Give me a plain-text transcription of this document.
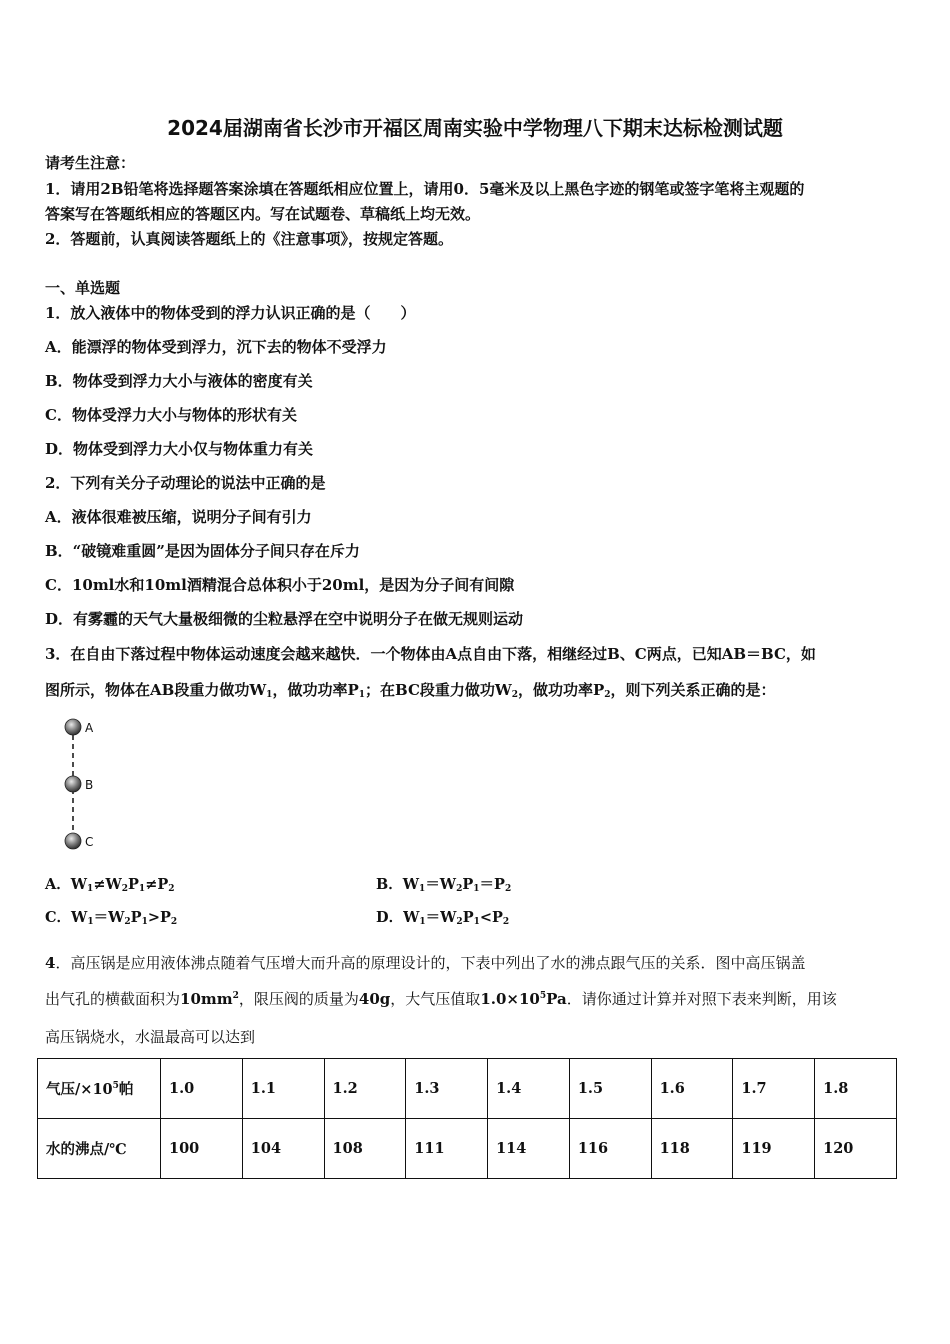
2024届湖南省长沙市开福区周南实验中学物理八下期末达标检测试题
请考生注意：
1．请用2B铅笔将选择题答案涂填在答题纸相应位置上，请用0．5毫米及以上黑色字迹的钢笔或签字笔将主观题的
答案写在答题纸相应的答题区内。写在试题卷、草稿纸上均无效。
2．答题前，认真阅读答题纸上的《注意事项》，按规定答题。
一、单选题
1．放入液体中的物体受到的浮力认识正确的是（　　）
A．能漂浮的物体受到浮力，沉下去的物体不受浮力
B．物体受到浮力大小与液体的密度有关
C．物体受浮力大小与物体的形状有关
D．物体受到浮力大小仅与物体重力有关
2．下列有关分子动理论的说法中正确的是
A．液体很难被压缩，说明分子间有引力
B．“破镜难重圆”是因为固体分子间只存在斥力
C．10ml水和10ml酒精混合总体积小于20ml，是因为分子间有间隙
D．有雾霾的天气大量极细微的尘粒悬浮在空中说明分子在做无规则运动
3．在自由下落过程中物体运动速度会越来越快．一个物体由A点自由下落，相继经过B、C两点，已知AB＝BC，如
图所示，物体在AB段重力做功$W_1$，做功功率$P_1$；在BC段重力做功$W_2$，做功功率$P_2$，则下列关系正确的是：
A
B
C
A．$W_1\ne W_2P_1\ne P_2$	B．$W_1=W_2P_1=P_2$
C．$W_1=W_2P_1>P_2$	D．$W_1=W_2P_1<P_2$
4．高压锅是应用液体沸点随着气压增大而升高的原理设计的，下表中列出了水的沸点跟气压的关系．图中高压锅盖
出气孔的横截面积为$10mm^2$，限压阀的质量为40g，大气压值取$1.0\times 10^5Pa$．请你通过计算并对照下表来判断，用该
高压锅烧水，水温最高可以达到
气压$/\times 10^5$帕	1.0	1.1	1.2	1.3	1.4	1.5	1.6	1.7	1.8
水的沸点/℃	100	104	108	111	114	116	118	119	120
